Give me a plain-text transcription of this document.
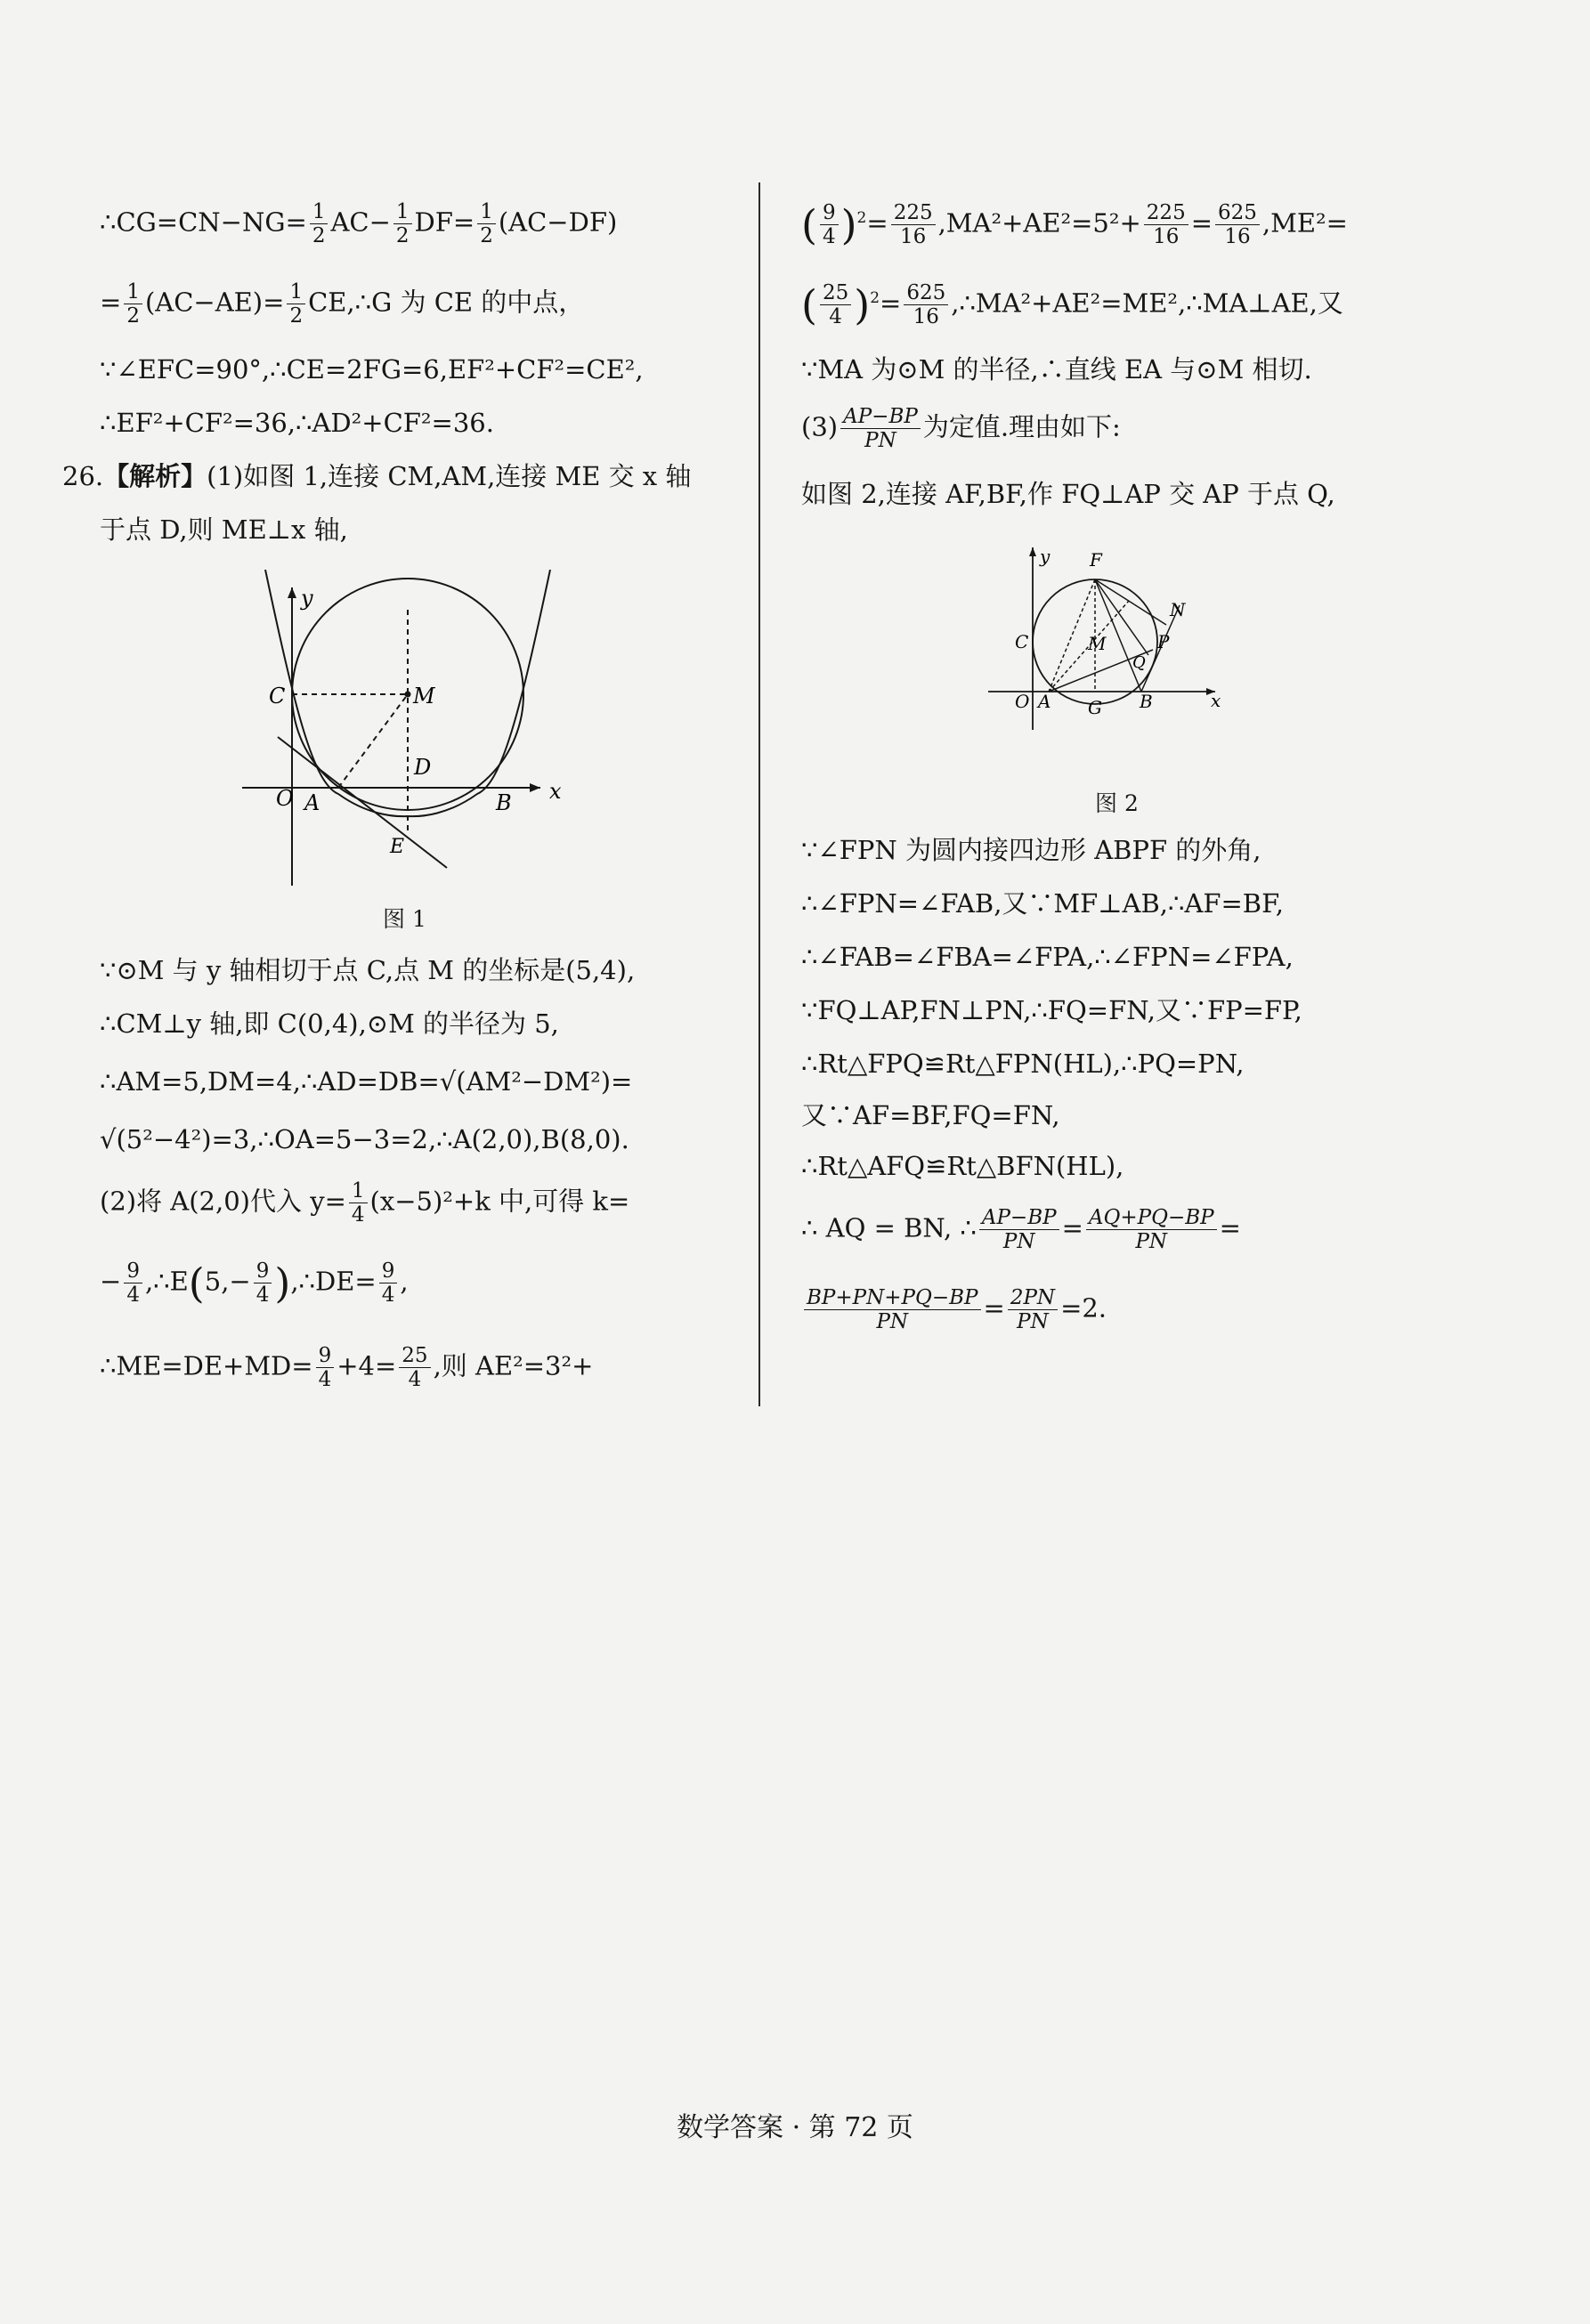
∴CG=CN−NG= $\frac{1}{2} AC- \frac{1}{2} DF= \frac{1}{2} (AC-DF)$
= $\frac{1}{2} (AC-AE)= \frac{1}{2}$ CE,∴G 为 CE 的中点，
∵∠EFC=90°,∴CE=2FG=6,EF²+CF²=CE²,
∴EF²+CF²=36,∴AD²+CF²=36.
26.【解析】(1)如图 1,连接 CM,AM,连接 ME 交 x 轴
于点 D,则 ME⊥x 轴,
O A	B
C	M
D
E
x
y
图 1
∵⊙M 与 y 轴相切于点 C,点 M 的坐标是(5,4),
∴CM⊥y 轴,即 C(0,4),⊙M 的半径为 5,
∴AM=5,DM=4,∴AD=DB=√(AM²−DM²)=
√(5²−4²)=3,∴OA=5−3=2,∴A(2,0),B(8,0).
(2)将 A(2,0)代入 $y= \frac{1}{4} (x-5)^2+k$ 中,可得 k=
− $\frac{9}{4}$ ,∴E(5,− $\frac{9}{4}$ ),∴DE= $\frac{9}{4}$ ,
∴ME=DE+MD= $\frac{9}{4} +4= \frac{25}{4}$ ,则 AE²=3²+
( $\frac{9}{4} )^2= \frac{225}{16} ,MA^2+AE^2=5^2+ \frac{225}{16} = \frac{625}{16} ,ME^2=$
( $\frac{25}{4} )^2= \frac{625}{16}$ ,∴MA²+AE²=ME²,∴MA⊥AE,又
∵MA 为⊙M 的半径,∴直线 EA 与⊙M 相切.
$(3) \frac{AP-BP}{PN}$ 为定值.理由如下:
如图 2,连接 AF,BF,作 FQ⊥AP 交 AP 于点 Q,
O A	B
G
C
F
M
N
P
Q
x
y
图 2
∵∠FPN 为圆内接四边形 ABPF 的外角,
∴∠FPN=∠FAB,又∵MF⊥AB,∴AF=BF,
∴∠FAB=∠FBA=∠FPA,∴∠FPN=∠FPA,
∵FQ⊥AP,FN⊥PN,∴FQ=FN,又∵FP=FP,
∴Rt△FPQ≌Rt△FPN(HL),∴PQ=PN,
又∵AF=BF,FQ=FN,
∴Rt△AFQ≌Rt△BFN(HL),
∴ AQ = BN, ∴ $\frac{AP-BP}{PN} = \frac{AQ+PQ-BP}{PN}$ =
$\frac{BP+PN+PQ-BP}{PN} = \frac{2PN}{PN} =2$.
数学答案 · 第 72 页
